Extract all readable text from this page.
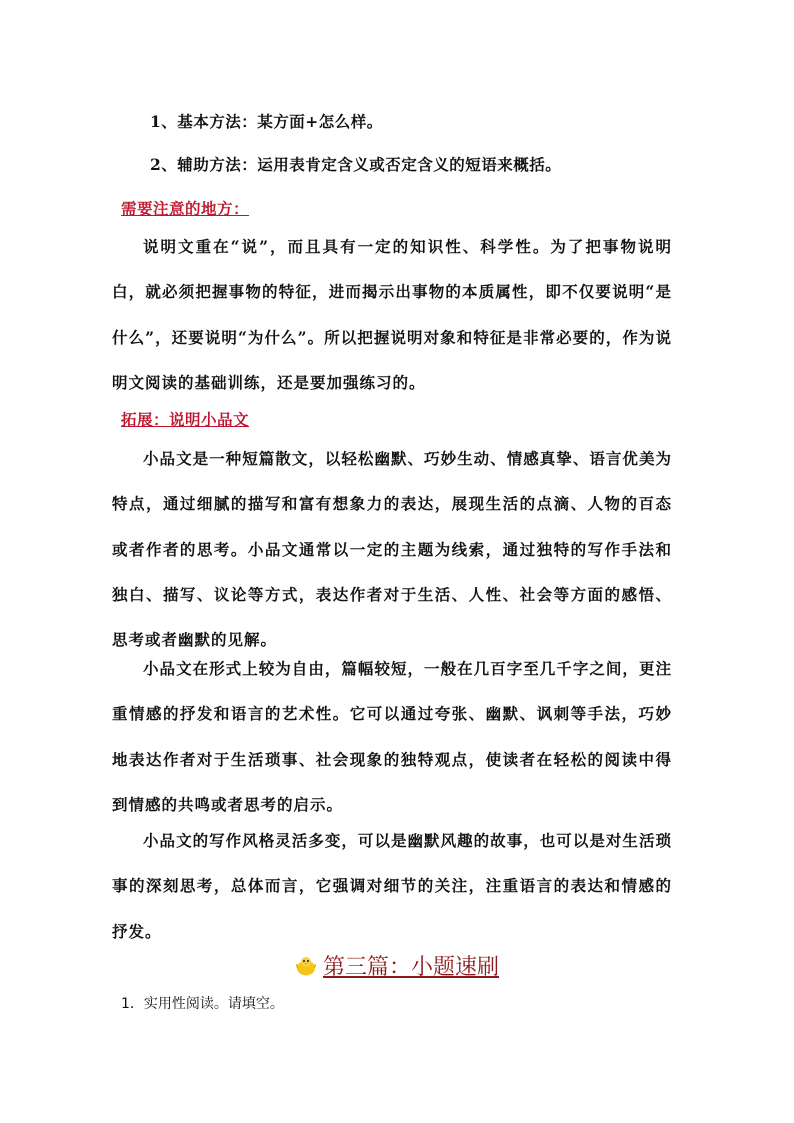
1、基本方法：某方面+怎么样。
2、辅助方法：运用表肯定含义或否定含义的短语来概括。
需要注意的地方：
说明文重在“说”，而且具有一定的知识性、科学性。为了把事物说明白，就必须把握事物的特征，进而揭示出事物的本质属性，即不仅要说明“是什么”，还要说明“为什么”。所以把握说明对象和特征是非常必要的，作为说明文阅读的基础训练，还是要加强练习的。
拓展：说明小品文
小品文是一种短篇散文，以轻松幽默、巧妙生动、情感真挚、语言优美为特点，通过细腻的描写和富有想象力的表达，展现生活的点滴、人物的百态或者作者的思考。小品文通常以一定的主题为线索，通过独特的写作手法和独白、描写、议论等方式，表达作者对于生活、人性、社会等方面的感悟、思考或者幽默的见解。
小品文在形式上较为自由，篇幅较短，一般在几百字至几千字之间，更注重情感的抒发和语言的艺术性。它可以通过夸张、幽默、讽刺等手法，巧妙地表达作者对于生活琐事、社会现象的独特观点，使读者在轻松的阅读中得到情感的共鸣或者思考的启示。
小品文的写作风格灵活多变，可以是幽默风趣的故事，也可以是对生活琐事的深刻思考，总体而言，它强调对细节的关注，注重语言的表达和情感的抒发。
第三篇：小题速刷
1．实用性阅读。请填空。
